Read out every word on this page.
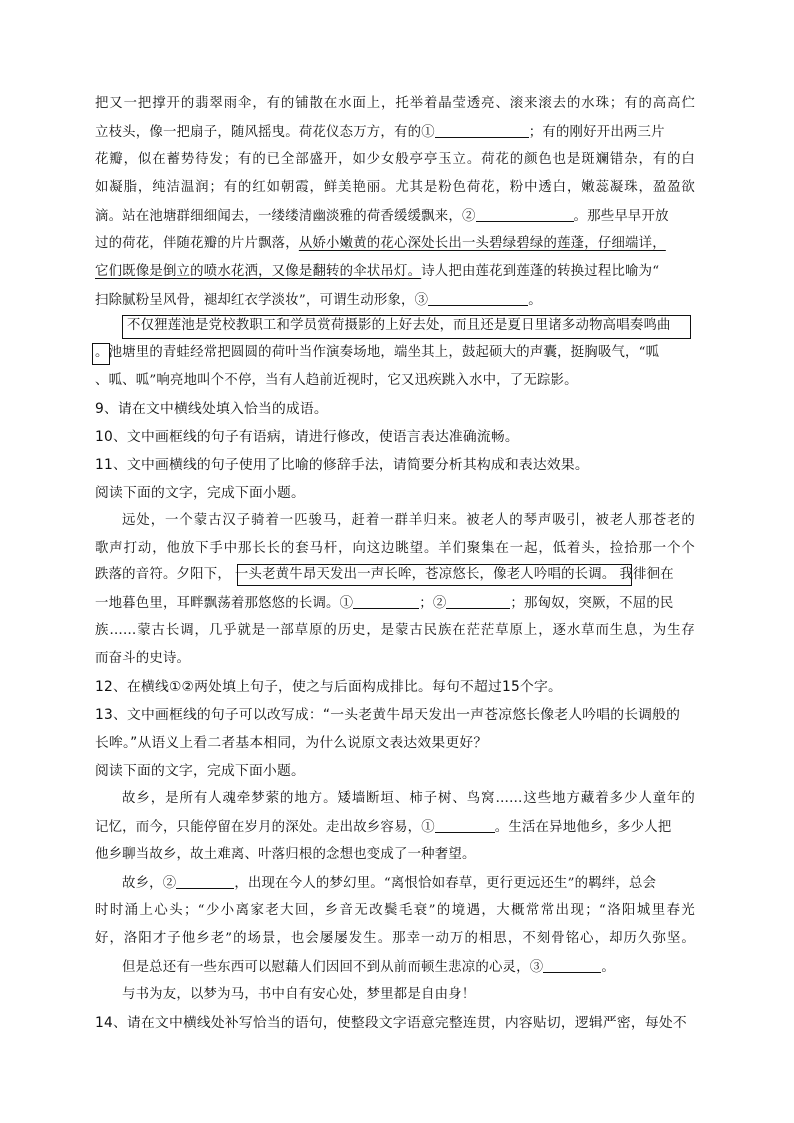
把又一把撑开的翡翠雨伞，有的铺散在水面上，托举着晶莹透亮、滚来滚去的水珠；有的高高伫
立枝头，像一把扇子，随风摇曳。荷花仪态万方，有的①	；有的刚好开出两三片
花瓣，似在蓄势待发；有的已全部盛开，如少女般亭亭玉立。荷花的颜色也是斑斓错杂，有的白
如凝脂，纯洁温润；有的红如朝霞，鲜美艳丽。尤其是粉色荷花，粉中透白，嫩蕊凝珠，盈盈欲
滴。站在池塘群细细闻去，一缕缕清幽淡雅的荷香缓缓飘来，②	。那些早早开放
过的荷花，伴随花瓣的片片飘落，从娇小嫩黄的花心深处长出一头碧绿碧绿的莲蓬，仔细端详，
它们既像是倒立的喷水花洒，又像是翻转的伞状吊灯。诗人把由莲花到莲蓬的转换过程比喻为“
扫除腻粉呈风骨，褪却红衣学淡妆”，可谓生动形象，③	。
不仅狸莲池是党校教职工和学员赏荷摄影的上好去处，而且还是夏日里诸多动物高唱奏鸣曲
。池塘里的青蛙经常把圆圆的荷叶当作演奏场地，端坐其上，鼓起硕大的声囊，挺胸吸气，“呱
、呱、呱”响亮地叫个不停，当有人趋前近视时，它又迅疾跳入水中，了无踪影。
9、请在文中横线处填入恰当的成语。
10、文中画框线的句子有语病，请进行修改，使语言表达准确流畅。
11、文中画横线的句子使用了比喻的修辞手法，请简要分析其构成和表达效果。
阅读下面的文字，完成下面小题。
远处，一个蒙古汉子骑着一匹骏马，赶着一群羊归来。被老人的琴声吸引，被老人那苍老的
歌声打动，他放下手中那长长的套马杆，向这边眺望。羊们聚集在一起，低着头，捡拾那一个个
跌落的音符。夕阳下， 一头老黄牛昂天发出一声长哞，苍凉悠长，像老人吟唱的长调。 我徘徊在
一地暮色里，耳畔飘荡着那悠悠的长调。①	；②	；那匈奴，突厥，不屈的民
族……蒙古长调，几乎就是一部草原的历史，是蒙古民族在茫茫草原上，逐水草而生息，为生存
而奋斗的史诗。
12、在横线①②两处填上句子，使之与后面构成排比。每句不超过15个字。
13、文中画框线的句子可以改写成：“一头老黄牛昂天发出一声苍凉悠长像老人吟唱的长调般的
长哞。”从语义上看二者基本相同，为什么说原文表达效果更好？
阅读下面的文字，完成下面小题。
故乡，是所有人魂牵梦萦的地方。矮墙断垣、柿子树、鸟窝……这些地方藏着多少人童年的
记忆，而今，只能停留在岁月的深处。走出故乡容易，①	。生活在异地他乡，多少人把
他乡聊当故乡，故土难离、叶落归根的念想也变成了一种奢望。
故乡，②	，出现在今人的梦幻里。“离恨恰如春草，更行更远还生”的羁绊，总会
时时涌上心头；“少小离家老大回，乡音无改鬓毛衰”的境遇，大概常常出现；“洛阳城里春光
好，洛阳才子他乡老”的场景，也会屡屡发生。那幸一动万的相思，不刻骨铭心，却历久弥坚。
但是总还有一些东西可以慰藉人们因回不到从前而顿生悲凉的心灵，③	。
与书为友，以梦为马，书中自有安心处，梦里都是自由身！
14、请在文中横线处补写恰当的语句，使整段文字语意完整连贯，内容贴切，逻辑严密，每处不
